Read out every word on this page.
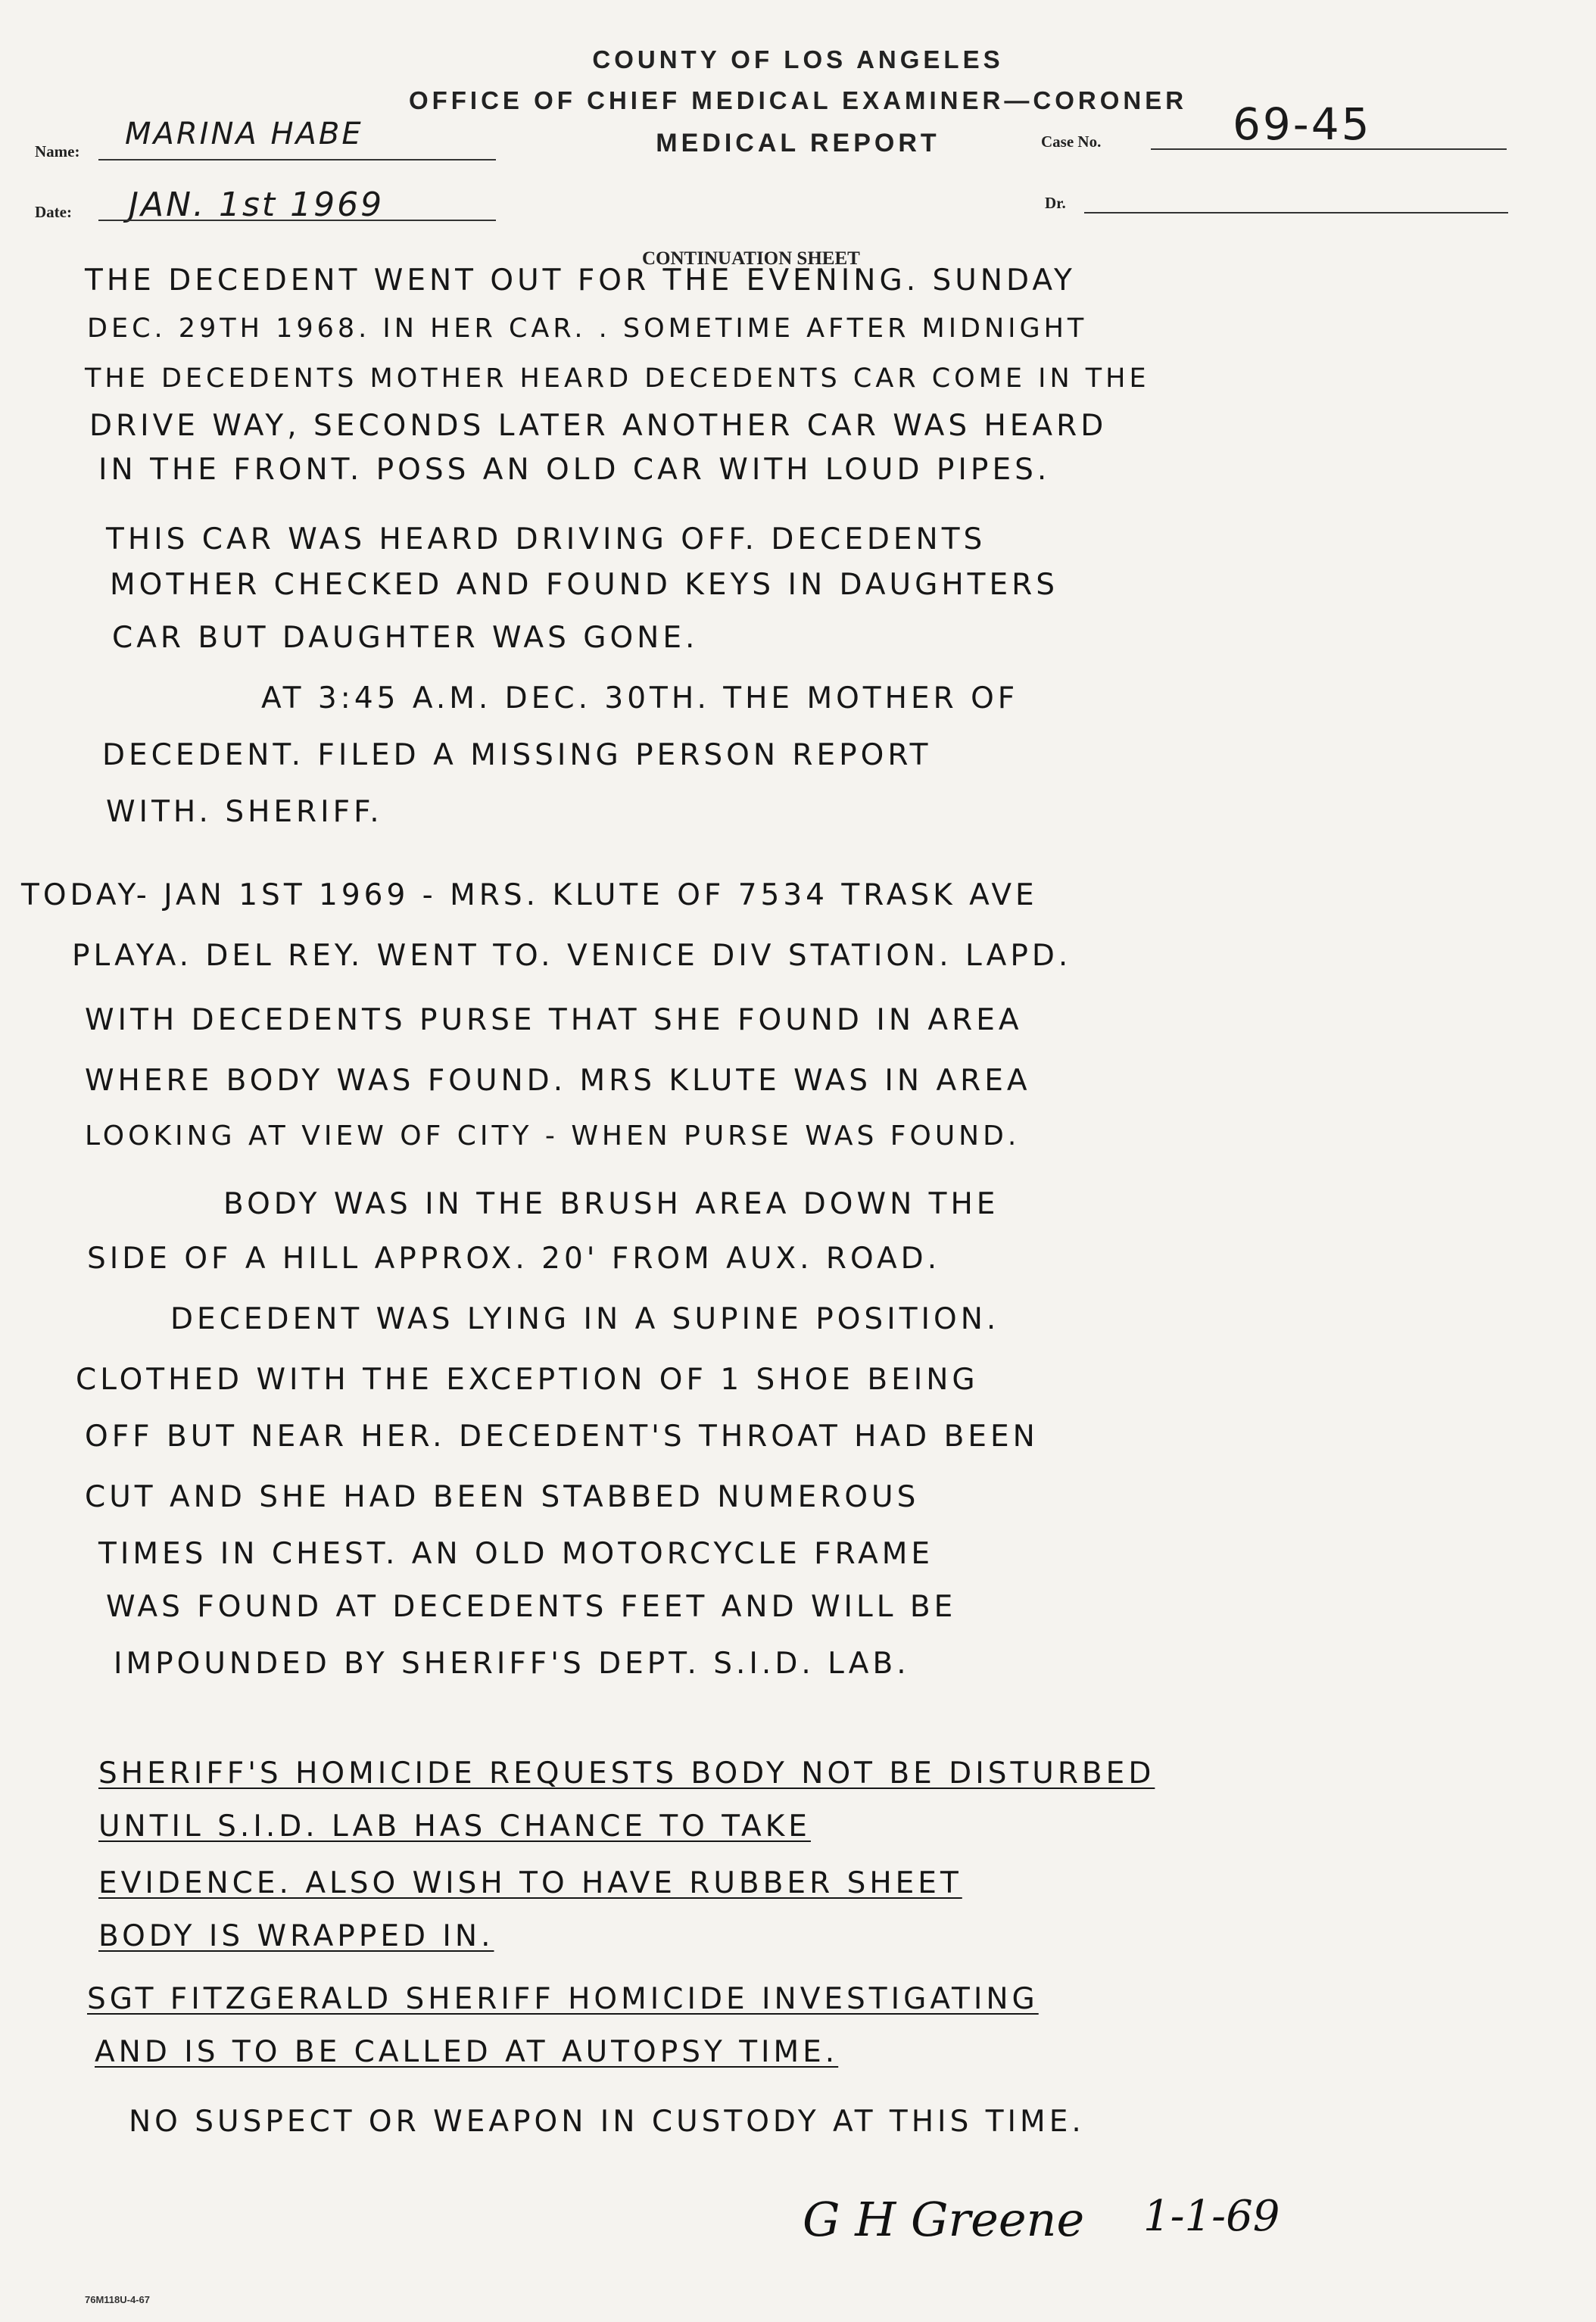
COUNTY OF LOS ANGELES
OFFICE OF CHIEF MEDICAL EXAMINER—CORONER
MEDICAL REPORT
Name: MARINA HABE	Case No.	69-45
Date: JAN. 1st 1969	Dr.
CONTINUATION SHEET
THE DECEDENT WENT OUT FOR THE EVENING. SUNDAY
DEC. 29TH 1968. IN HER CAR. . SOMETIME AFTER MIDNIGHT
THE DECEDENTS MOTHER HEARD DECEDENTS CAR COME IN THE
DRIVE WAY, SECONDS LATER ANOTHER CAR WAS HEARD
IN THE FRONT. POSS AN OLD CAR WITH LOUD PIPES.
THIS CAR WAS HEARD DRIVING OFF. DECEDENTS
MOTHER CHECKED AND FOUND KEYS IN DAUGHTERS
CAR BUT DAUGHTER WAS GONE.
AT 3:45 A.M. DEC. 30TH. THE MOTHER OF
DECEDENT. FILED A MISSING PERSON REPORT
WITH. SHERIFF.
TODAY- JAN 1ST 1969 - MRS. KLUTE OF 7534 TRASK AVE
PLAYA. DEL REY. WENT TO. VENICE DIV STATION. LAPD.
WITH DECEDENTS PURSE THAT SHE FOUND IN AREA
WHERE BODY WAS FOUND. MRS KLUTE WAS IN AREA
LOOKING AT VIEW OF CITY - WHEN PURSE WAS FOUND.
BODY WAS IN THE BRUSH AREA DOWN THE
SIDE OF A HILL APPROX. 20' FROM AUX. ROAD.
DECEDENT WAS LYING IN A SUPINE POSITION.
CLOTHED WITH THE EXCEPTION OF 1 SHOE BEING
OFF BUT NEAR HER. DECEDENT'S THROAT HAD BEEN
CUT AND SHE HAD BEEN STABBED NUMEROUS
TIMES IN CHEST. AN OLD MOTORCYCLE FRAME
WAS FOUND AT DECEDENTS FEET AND WILL BE
IMPOUNDED BY SHERIFF'S DEPT. S.I.D. LAB.
SHERIFF'S HOMICIDE REQUESTS BODY NOT BE DISTURBED
UNTIL S.I.D. LAB HAS CHANCE TO TAKE
EVIDENCE. ALSO WISH TO HAVE RUBBER SHEET
BODY IS WRAPPED IN.
SGT FITZGERALD SHERIFF HOMICIDE INVESTIGATING
AND IS TO BE CALLED AT AUTOPSY TIME.
NO SUSPECT OR WEAPON IN CUSTODY AT THIS TIME.
G H Greene 1-1-69
76M118U-4-67
